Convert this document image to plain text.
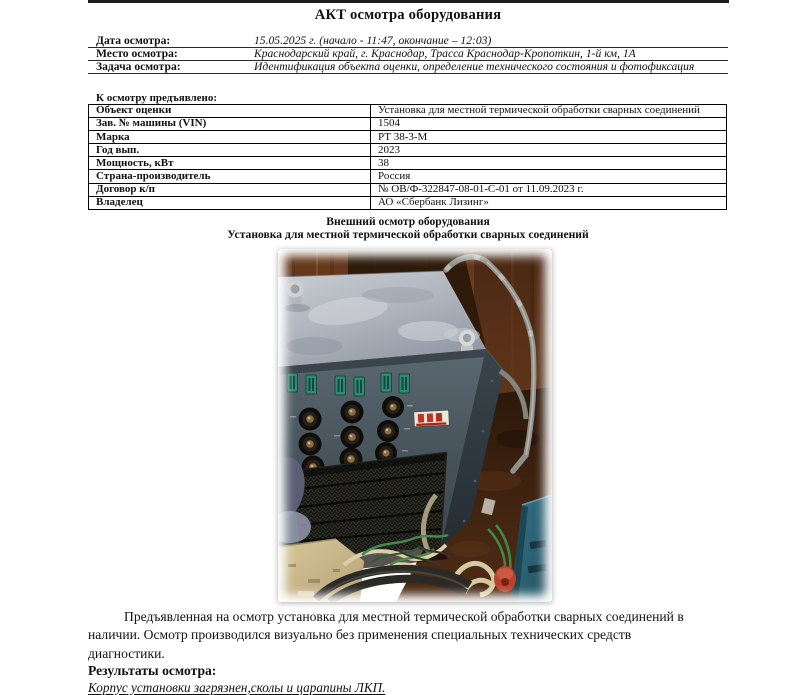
АКТ осмотра оборудования
Дата осмотра:	15.05.2025 г. (начало - 11:47, окончание – 12:03)
Место осмотра:	Краснодарский край, г. Краснодар, Трасса Краснодар-Кропоткин, 1-й км, 1А
Задача осмотра:	Идентификация объекта оценки, определение технического состояния и фотофиксация
К осмотру предъявлено:
Объект оценки	Установка для местной термической обработки сварных соединений
Зав. № машины (VIN)	1504
Марка	РТ 38-3-М
Год вып.	2023
Мощность, кВт	38
Страна-производитель	Россия
Договор к/п	№ ОВ/Ф-322847-08-01-С-01 от 11.09.2023 г.
Владелец	АО «Сбербанк Лизинг»
Внешний осмотр оборудования
Установка для местной термической обработки сварных соединений
Предъявленная на осмотр установка для местной термической обработки сварных соединений в
наличии. Осмотр производился визуально без применения специальных технических средств
диагностики.
Результаты осмотра:
Корпус установки загрязнен,сколы и царапины ЛКП.
